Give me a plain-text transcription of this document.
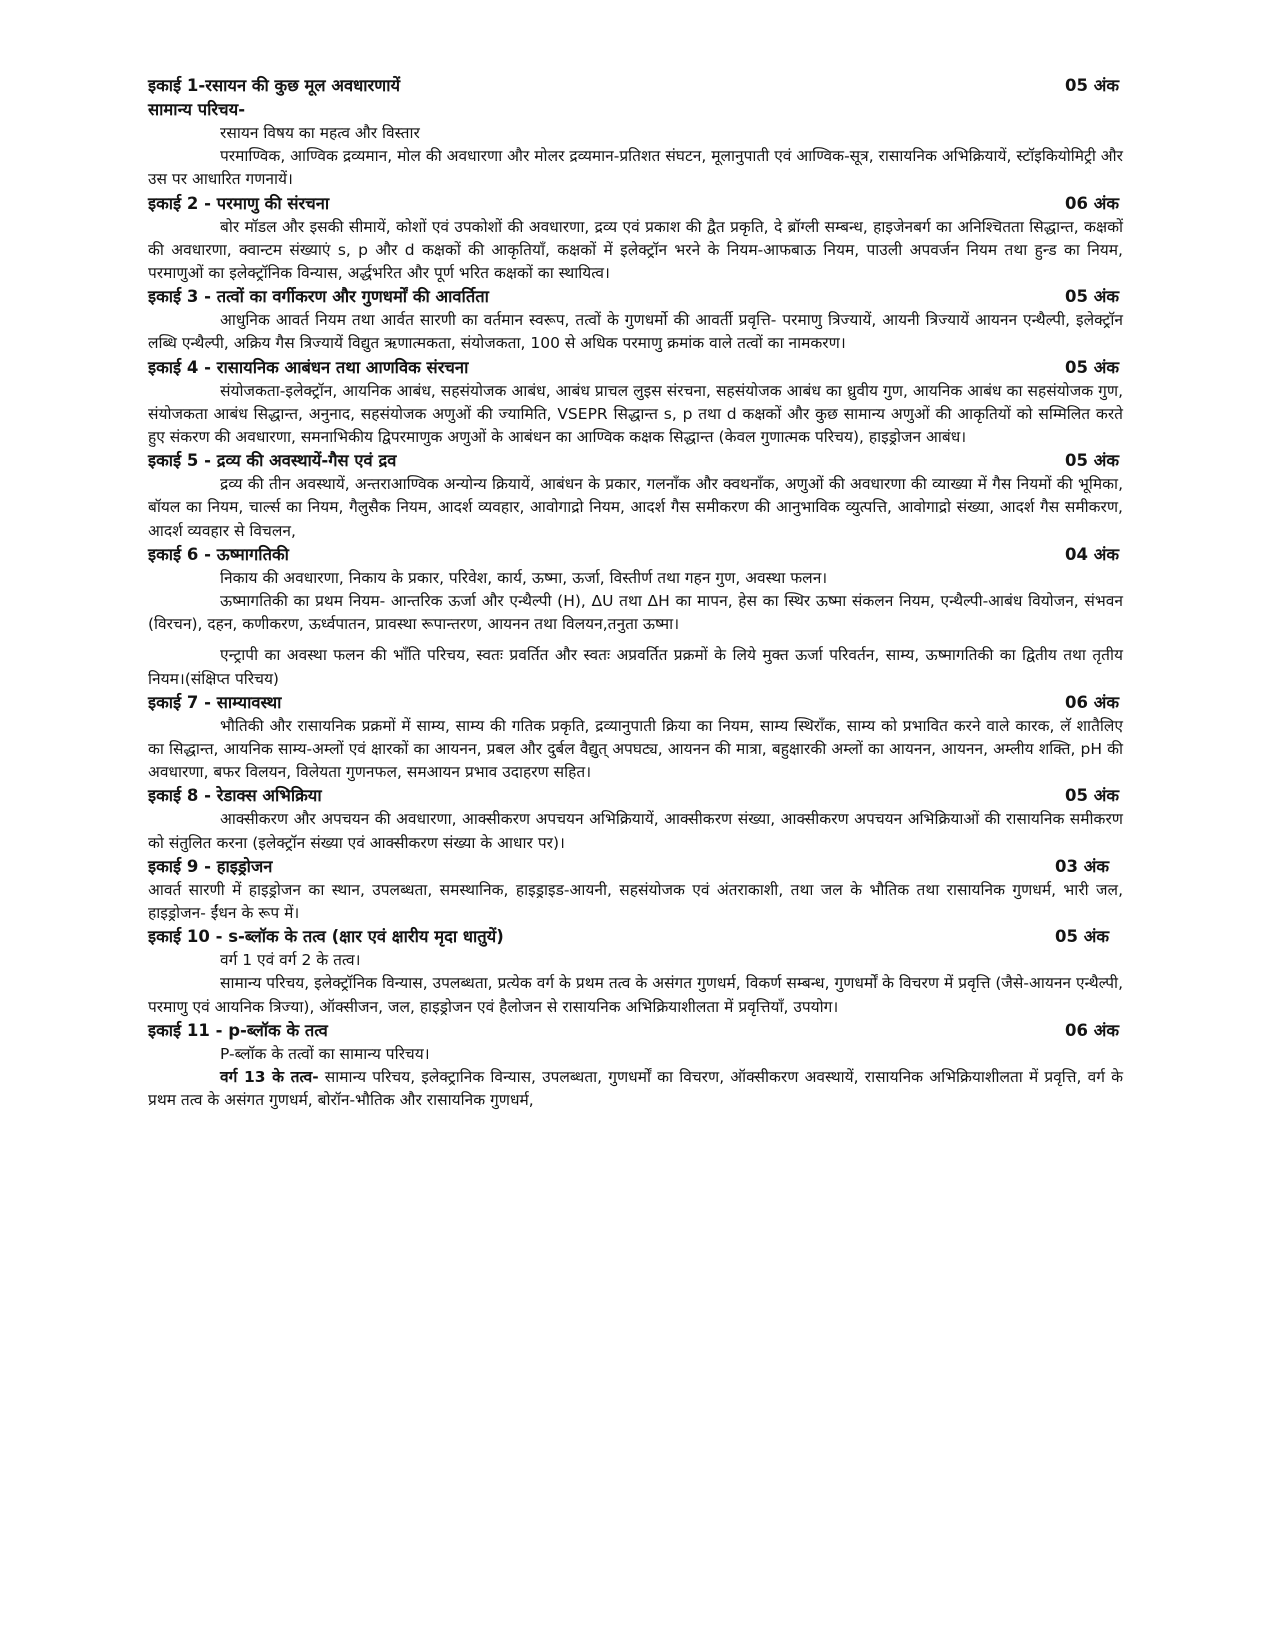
इकाई 1-रसायन की कुछ मूल अवधारणायें	05 अंक
सामान्य परिचय-

रसायन विषय का महत्व और विस्तार

परमाण्विक, आण्विक द्रव्यमान, मोल की अवधारणा और मोलर द्रव्यमान-प्रतिशत संघटन, मूलानुपाती एवं आण्विक-सूत्र, रासायनिक अभिक्रियायें, स्टॉइकियोमिट्री और उस पर आधारित गणनायें।

इकाई 2 - परमाणु की संरचना	06 अंक

बोर मॉडल और इसकी सीमायें, कोशों एवं उपकोशों की अवधारणा, द्रव्य एवं प्रकाश की द्वैत प्रकृति, दे ब्रॉग्ली सम्बन्ध, हाइजेनबर्ग का अनिश्चितता सिद्धान्त, कक्षकों की अवधारणा, क्वान्टम संख्याएं s, p और d कक्षकों की आकृतियाँ, कक्षकों में इलेक्ट्रॉन भरने के नियम-आफबाऊ नियम, पाउली अपवर्जन नियम तथा हुन्ड का नियम, परमाणुओं का इलेक्ट्रॉनिक विन्यास, अर्द्धभरित और पूर्ण भरित कक्षकों का स्थायित्व।

इकाई 3 - तत्वों का वर्गीकरण और गुणधर्मों की आवर्तिता	05 अंक

आधुनिक आवर्त नियम तथा आर्वत सारणी का वर्तमान स्वरूप, तत्वों के गुणधर्मो की आवर्ती प्रवृत्ति- परमाणु त्रिज्यायें, आयनी त्रिज्यायें आयनन एन्थैल्पी, इलेक्ट्रॉन लब्धि एन्थैल्पी, अक्रिय गैस त्रिज्यायें विद्युत ऋणात्मकता, संयोजकता, 100 से अधिक परमाणु क्रमांक वाले तत्वों का नामकरण।

इकाई 4 - रासायनिक आबंधन तथा आणविक संरचना	05 अंक

संयोजकता-इलेक्ट्रॉन, आयनिक आबंध, सहसंयोजक आबंध, आबंध प्राचल लुइस संरचना, सहसंयोजक आबंध का ध्रुवीय गुण, आयनिक आबंध का सहसंयोजक गुण, संयोजकता आबंध सिद्धान्त, अनुनाद, सहसंयोजक अणुओं की ज्यामिति, VSEPR सिद्धान्त s, p तथा d कक्षकों और कुछ सामान्य अणुओं की आकृतियों को सम्मिलित करते हुए संकरण की अवधारणा, समनाभिकीय द्विपरमाणुक अणुओं के आबंधन का आण्विक कक्षक सिद्धान्त (केवल गुणात्मक परिचय), हाइड्रोजन आबंध।

इकाई 5 - द्रव्य की अवस्थायें-गैस एवं द्रव	05 अंक

द्रव्य की तीन अवस्थायें, अन्तराआण्विक अन्योन्य क्रियायें, आबंधन के प्रकार, गलनाँक और क्वथनाँक, अणुओं की अवधारणा की व्याख्या में गैस नियमों की भूमिका, बॉयल का नियम, चार्ल्स का नियम, गैलुसैक नियम, आदर्श व्यवहार, आवोगाद्रो नियम, आदर्श गैस समीकरण की आनुभाविक व्युत्पत्ति, आवोगाद्रो संख्या, आदर्श गैस समीकरण, आदर्श व्यवहार से विचलन,

इकाई 6 - ऊष्मागतिकी	04 अंक

निकाय की अवधारणा, निकाय के प्रकार, परिवेश, कार्य, ऊष्मा, ऊर्जा, विस्तीर्ण तथा गहन गुण, अवस्था फलन।

ऊष्मागतिकी का प्रथम नियम- आन्तरिक ऊर्जा और एन्थैल्पी (H), ΔU तथा ΔH का मापन, हेस का स्थिर ऊष्मा संकलन नियम, एन्थैल्पी-आबंध वियोजन, संभवन (विरचन), दहन, कणीकरण, ऊर्ध्वपातन, प्रावस्था रूपान्तरण, आयनन तथा विलयन,तनुता ऊष्मा।

एन्ट्रापी का अवस्था फलन की भाँति परिचय, स्वतः प्रवर्तित और स्वतः अप्रवर्तित प्रक्रमों के लिये मुक्त ऊर्जा परिवर्तन, साम्य, ऊष्मागतिकी का द्वितीय तथा तृतीय नियम।(संक्षिप्त परिचय)

इकाई 7 - साम्यावस्था	06 अंक

भौतिकी और रासायनिक प्रक्रमों में साम्य, साम्य की गतिक प्रकृति, द्रव्यानुपाती क्रिया का नियम, साम्य स्थिराँक, साम्य को प्रभावित करने वाले कारक, लॅ शातैलिए का सिद्धान्त, आयनिक साम्य-अम्लों एवं क्षारकों का आयनन, प्रबल और दुर्बल वैद्युत् अपघट्य, आयनन की मात्रा, बहुक्षारकी अम्लों का आयनन, आयनन, अम्लीय शक्ति, pH की अवधारणा, बफर विलयन, विलेयता गुणनफल, समआयन प्रभाव उदाहरण सहित।

इकाई 8 - रेडाक्स अभिक्रिया	05 अंक

आक्सीकरण और अपचयन की अवधारणा, आक्सीकरण अपचयन अभिक्रियायें, आक्सीकरण संख्या, आक्सीकरण अपचयन अभिक्रियाओं की रासायनिक समीकरण को संतुलित करना (इलेक्ट्रॉन संख्या एवं आक्सीकरण संख्या के आधार पर)।

इकाई 9 - हाइड्रोजन	03 अंक

आवर्त सारणी में हाइड्रोजन का स्थान, उपलब्धता, समस्थानिक, हाइड्राइड-आयनी, सहसंयोजक एवं अंतराकाशी, तथा जल के भौतिक तथा रासायनिक गुणधर्म, भारी जल, हाइड्रोजन- ईंधन के रूप में।

इकाई 10 - s-ब्लॉक के तत्व (क्षार एवं क्षारीय मृदा धातुयें)	05 अंक

वर्ग 1 एवं वर्ग 2 के तत्व।

सामान्य परिचय, इलेक्ट्रॉनिक विन्यास, उपलब्धता, प्रत्येक वर्ग के प्रथम तत्व के असंगत गुणधर्म, विकर्ण सम्बन्ध, गुणधर्मों के विचरण में प्रवृत्ति (जैसे-आयनन एन्थैल्पी, परमाणु एवं आयनिक त्रिज्या), ऑक्सीजन, जल, हाइड्रोजन एवं हैलोजन से रासायनिक अभिक्रियाशीलता में प्रवृत्तियाँ, उपयोग।

इकाई 11 - p-ब्लॉक के तत्व	06 अंक

P-ब्लॉक के तत्वों का सामान्य परिचय।

वर्ग 13 के तत्व- सामान्य परिचय, इलेक्ट्रानिक विन्यास, उपलब्धता, गुणधर्मों का विचरण, ऑक्सीकरण अवस्थायें, रासायनिक अभिक्रियाशीलता में प्रवृत्ति, वर्ग के प्रथम तत्व के असंगत गुणधर्म, बोरॉन-भौतिक और रासायनिक गुणधर्म,
